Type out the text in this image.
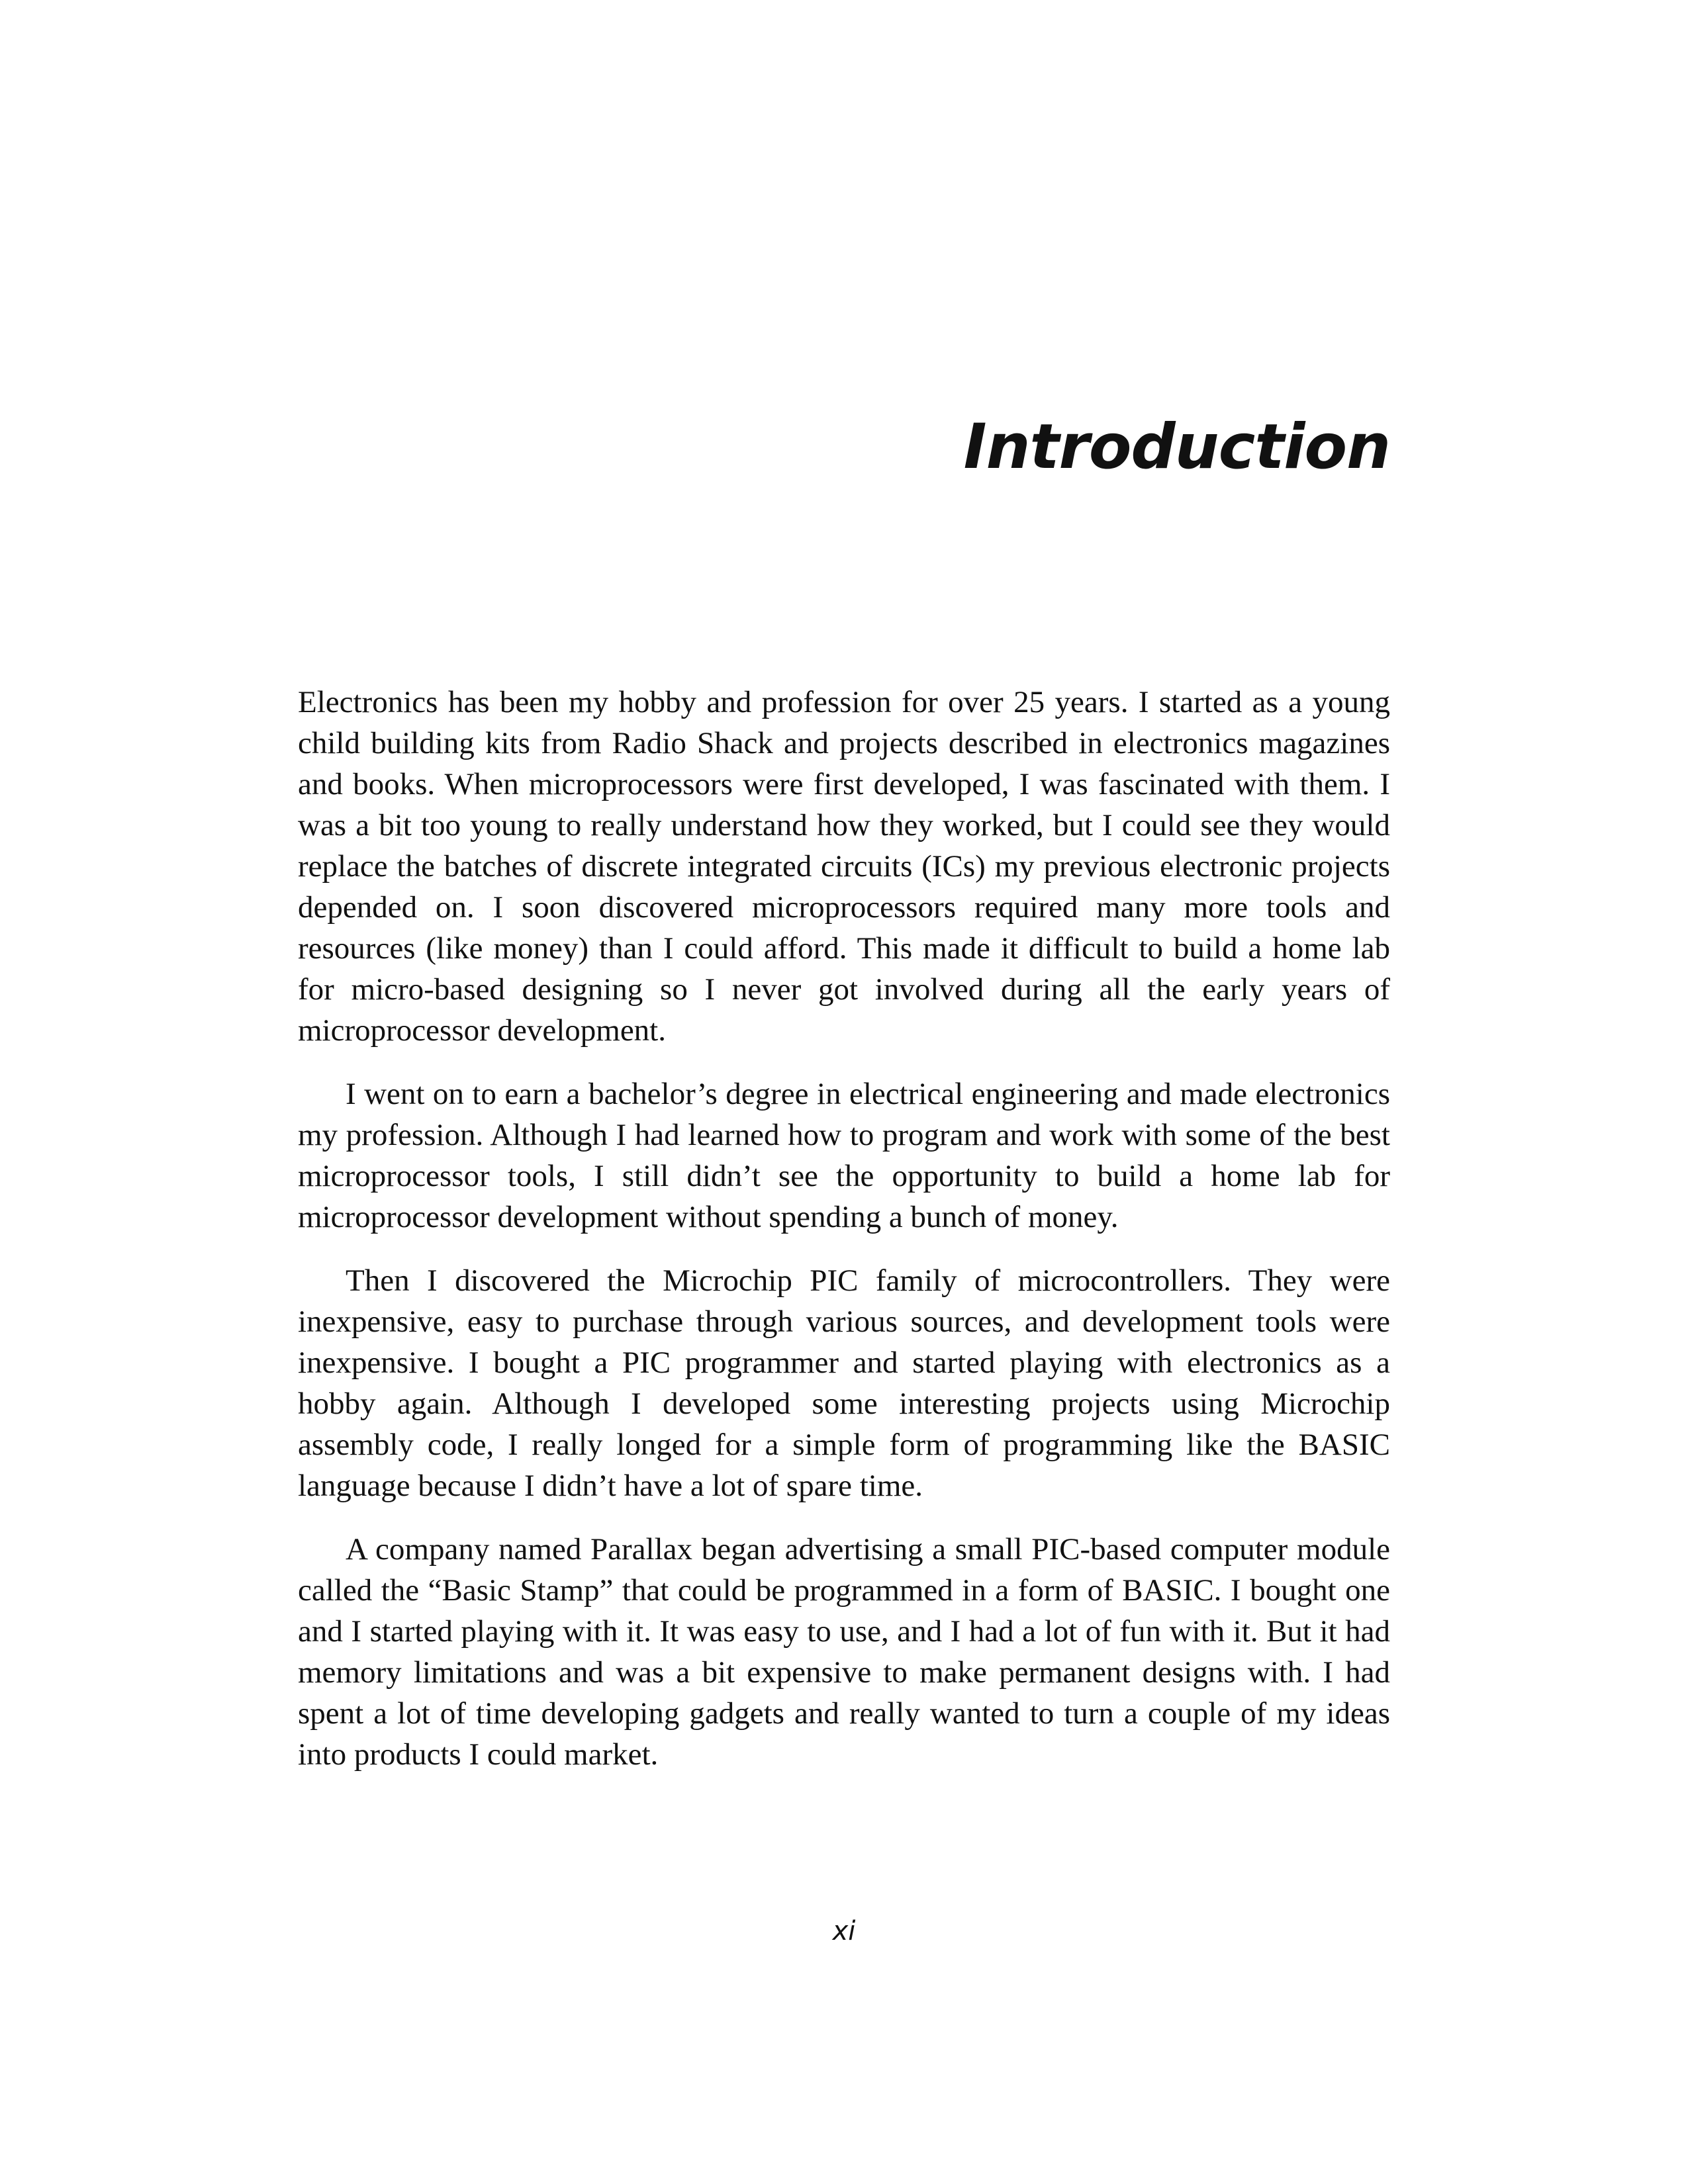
Introduction

Electronics has been my hobby and profession for over 25 years. I started as a young child building kits from Radio Shack and projects described in electronics magazines and books. When microprocessors were first developed, I was fascinated with them. I was a bit too young to really understand how they worked, but I could see they would replace the batches of discrete integrated circuits (ICs) my previous electronic projects depended on. I soon discovered microprocessors required many more tools and resources (like money) than I could afford. This made it difficult to build a home lab for micro-based designing so I never got involved during all the early years of microprocessor development.

I went on to earn a bachelor’s degree in electrical engineering and made electronics my profession. Although I had learned how to program and work with some of the best microprocessor tools, I still didn’t see the opportunity to build a home lab for microprocessor development without spending a bunch of money.

Then I discovered the Microchip PIC family of microcontrollers. They were inexpensive, easy to purchase through various sources, and development tools were inexpensive. I bought a PIC programmer and started playing with electronics as a hobby again. Although I developed some interesting projects using Microchip assembly code, I really longed for a simple form of programming like the BASIC language because I didn’t have a lot of spare time.

A company named Parallax began advertising a small PIC-based computer module called the “Basic Stamp” that could be programmed in a form of BASIC. I bought one and I started playing with it. It was easy to use, and I had a lot of fun with it. But it had memory limitations and was a bit expensive to make permanent designs with. I had spent a lot of time developing gadgets and really wanted to turn a couple of my ideas into products I could market.

xi
